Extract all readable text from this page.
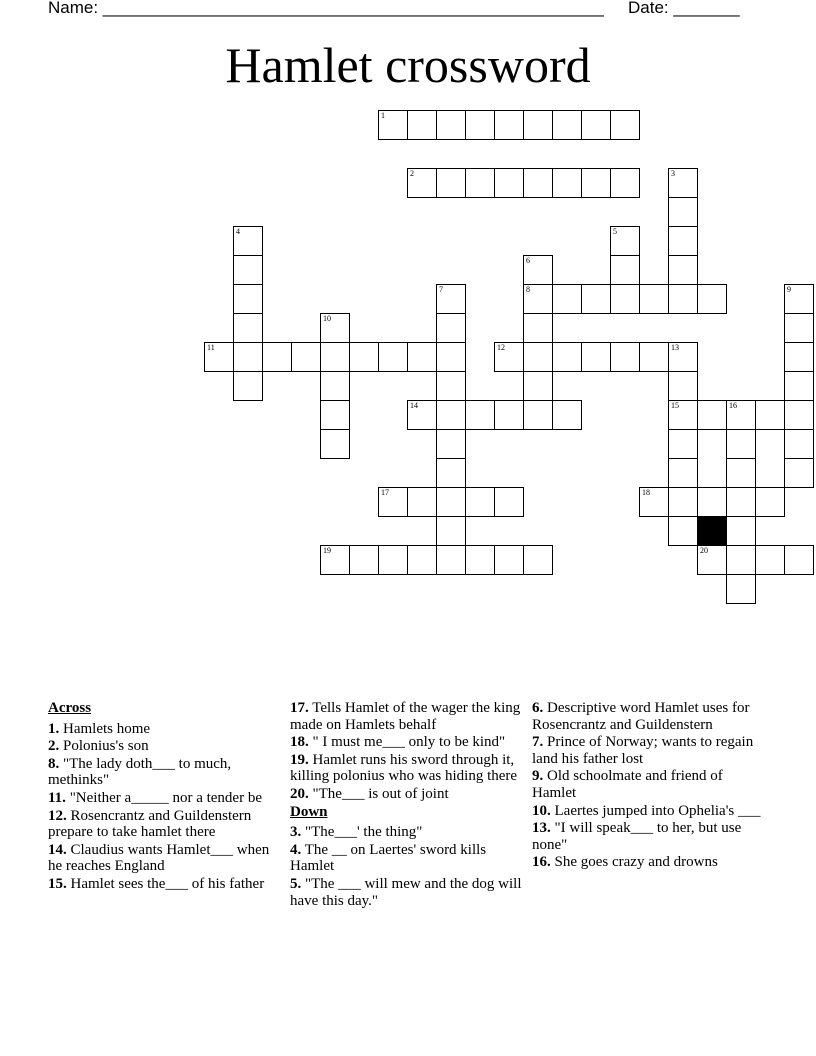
Name: _____________________________________________________ Date: _______
Hamlet crossword
1
2	3
4	5
6
8
7	9
10
11	12	13
15
14	16
17	18
19	20
Across
1. Hamlets home
2. Polonius's son
8. "The lady doth___ to much, methinks"
11. "Neither a_____ nor a tender be
12. Rosencrantz and Guildenstern prepare to take hamlet there
14. Claudius wants Hamlet___ when he reaches England
15. Hamlet sees the___ of his father
17. Tells Hamlet of the wager the king made on Hamlets behalf
18. " I must me___ only to be kind"
19. Hamlet runs his sword through it, killing polonius who was hiding there
20. "The___ is out of joint
Down
3. "The___' the thing"
4. The __ on Laertes' sword kills Hamlet
5. "The ___ will mew and the dog will have this day."
6. Descriptive word Hamlet uses for Rosencrantz and Guildenstern
7. Prince of Norway; wants to regain land his father lost
9. Old schoolmate and friend of Hamlet
10. Laertes jumped into Ophelia's ___
13. "I will speak___ to her, but use none"
16. She goes crazy and drowns
